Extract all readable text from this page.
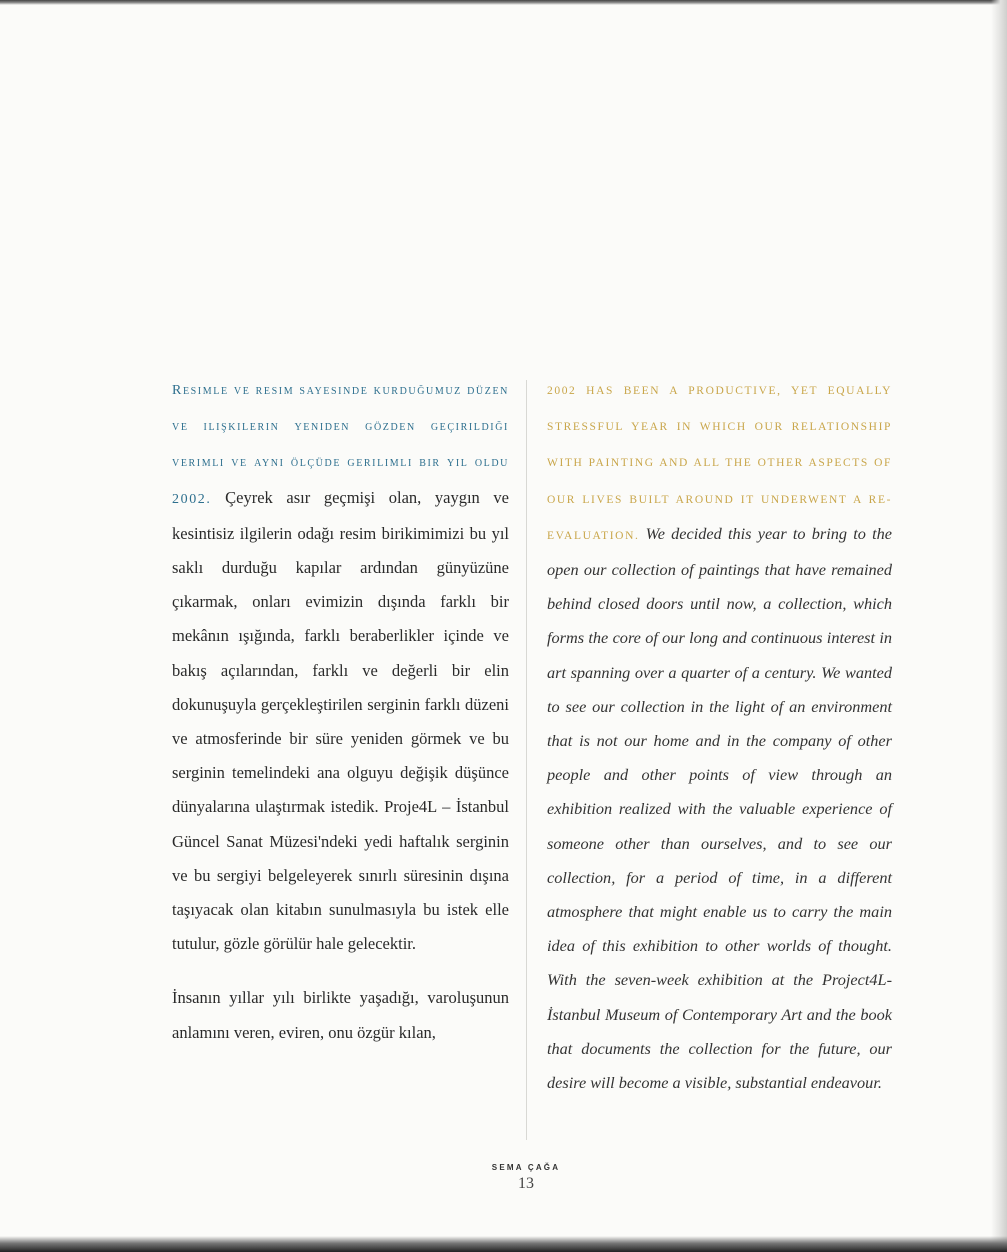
Resimle ve resim sayesinde kurduğumuz düzen ve ilişkilerin yeniden gözden geçirildiği verimli ve aynı ölçüde gerilimli bir yıl oldu 2002. Çeyrek asır geçmişi olan, yaygın ve kesintisiz ilgilerin odağı resim birikimimizi bu yıl saklı durduğu kapılar ardından günyüzüne çıkarmak, onları evimizin dışında farklı bir mekânın ışığında, farklı beraberlikler içinde ve bakış açılarından, farklı ve değerli bir elin dokunuşuyla gerçekleştirilen serginin farklı düzeni ve atmosferinde bir süre yeniden görmek ve bu serginin temelindeki ana olguyu değişik düşünce dünyalarına ulaştırmak istedik. Proje4L – İstanbul Güncel Sanat Müzesi'ndeki yedi haftalık serginin ve bu sergiyi belgeleyerek sınırlı süresinin dışına taşıyacak olan kitabın sunulmasıyla bu istek elle tutulur, gözle görülür hale gelecektir.

İnsanın yıllar yılı birlikte yaşadığı, varoluşunun anlamını veren, eviren, onu özgür kılan,

2002 HAS BEEN A PRODUCTIVE, YET EQUALLY STRESSFUL YEAR IN WHICH OUR RELATIONSHIP WITH PAINTING AND ALL THE OTHER ASPECTS OF OUR LIVES BUILT AROUND IT UNDERWENT A RE-EVALUATION. We decided this year to bring to the open our collection of paintings that have remained behind closed doors until now, a collection, which forms the core of our long and continuous interest in art spanning over a quarter of a century. We wanted to see our collection in the light of an environment that is not our home and in the company of other people and other points of view through an exhibition realized with the valuable experience of someone other than ourselves, and to see our collection, for a period of time, in a different atmosphere that might enable us to carry the main idea of this exhibition to other worlds of thought. With the seven-week exhibition at the Project4L-İstanbul Museum of Contemporary Art and the book that documents the collection for the future, our desire will become a visible, substantial endeavour.

SEMA ÇAĞA
13
